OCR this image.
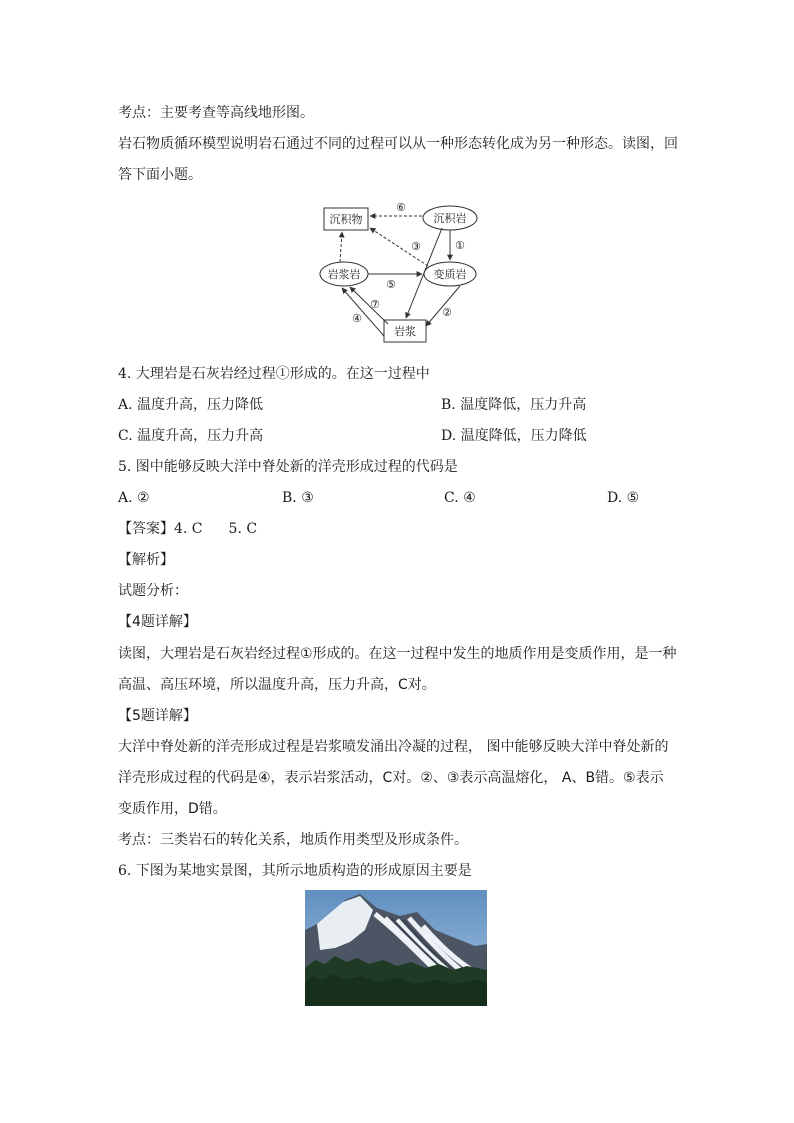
考点：主要考查等高线地形图。
岩石物质循环模型说明岩石通过不同的过程可以从一种形态转化成为另一种形态。读图，回
答下面小题。
沉积物	沉积岩
岩浆岩	变质岩
岩浆
⑥
①
③
⑤
⑦
④	②
4. 大理岩是石灰岩经过程①形成的。在这一过程中
A. 温度升高，压力降低	B. 温度降低，压力升高
C. 温度升高，压力升高	D. 温度降低，压力降低
5. 图中能够反映大洋中脊处新的洋壳形成过程的代码是
A. ②	B. ③	C. ④	D. ⑤
【答案】4. C 5. C
【解析】
试题分析：
【4题详解】
读图，大理岩是石灰岩经过程①形成的。在这一过程中发生的地质作用是变质作用，是一种
高温、高压环境，所以温度升高，压力升高，C对。
【5题详解】
大洋中脊处新的洋壳形成过程是岩浆喷发涌出冷凝的过程， 图中能够反映大洋中脊处新的
洋壳形成过程的代码是④，表示岩浆活动，C对。②、③表示高温熔化， A、B错。⑤表示
变质作用，D错。
考点：三类岩石的转化关系，地质作用类型及形成条件。
6. 下图为某地实景图，其所示地质构造的形成原因主要是
